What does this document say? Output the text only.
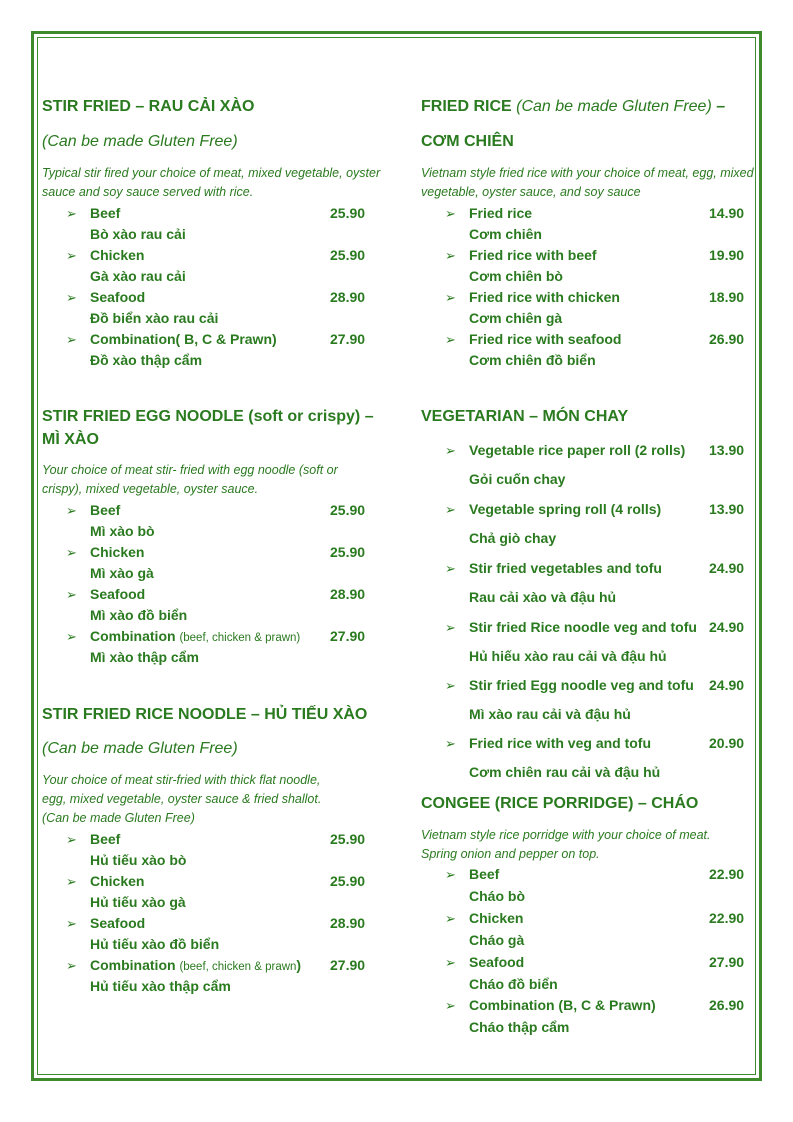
STIR FRIED – RAU CẢI XÀO
(Can be made Gluten Free)
Typical stir fired your choice of meat, mixed vegetable, oyster sauce and soy sauce served with rice.
➢ Beef	25.90
Bò xào rau cải
➢ Chicken	25.90
Gà xào rau cải
➢ Seafood	28.90
Đồ biển xào rau cải
➢ Combination( B, C & Prawn)	27.90
Đồ xào thập cẩm
STIR FRIED EGG NOODLE (soft or crispy) –
MÌ XÀO
Your choice of meat stir- fried with egg noodle (soft or crispy), mixed vegetable, oyster sauce.
➢ Beef	25.90
Mì xào bò
➢ Chicken	25.90
Mì xào gà
➢ Seafood	28.90
Mì xào đồ biển
➢ Combination (beef, chicken & prawn) 27.90
Mì xào thập cẩm
STIR FRIED RICE NOODLE – HỦ TIẾU XÀO
(Can be made Gluten Free)
Your choice of meat stir-fried with thick flat noodle,
egg, mixed vegetable, oyster sauce & fried shallot.
(Can be made Gluten Free)
➢ Beef	25.90
Hủ tiếu xào bò
➢ Chicken	25.90
Hủ tiếu xào gà
➢ Seafood	28.90
Hủ tiếu xào đồ biển
➢ Combination (beef, chicken & prawn) 27.90
Hủ tiếu xào thập cẩm
FRIED RICE (Can be made Gluten Free) –
CƠM CHIÊN
Vietnam style fried rice with your choice of meat, egg, mixed vegetable, oyster sauce, and soy sauce
➢ Fried rice	14.90
Cơm chiên
➢ Fried rice with beef	19.90
Cơm chiên bò
➢ Fried rice with chicken	18.90
Cơm chiên gà
➢ Fried rice with seafood	26.90
Cơm chiên đồ biển
VEGETARIAN – MÓN CHAY
➢ Vegetable rice paper roll (2 rolls) 13.90
Gỏi cuốn chay
➢ Vegetable spring roll (4 rolls)	13.90
Chả giò chay
➢ Stir fried vegetables and tofu	24.90
Rau cải xào và đậu hủ
➢ Stir fried Rice noodle veg and tofu 24.90
Hủ hiếu xào rau cải và đậu hủ
➢ Stir fried Egg noodle veg and tofu 24.90
Mì xào rau cải và đậu hủ
➢ Fried rice with veg and tofu	20.90
Cơm chiên rau cải và đậu hủ
CONGEE (RICE PORRIDGE) – CHÁO
Vietnam style rice porridge with your choice of meat.
Spring onion and pepper on top.
➢ Beef	22.90
Cháo bò
➢ Chicken	22.90
Cháo gà
➢ Seafood	27.90
Cháo đồ biển
➢ Combination (B, C & Prawn)	26.90
Cháo thập cẩm
